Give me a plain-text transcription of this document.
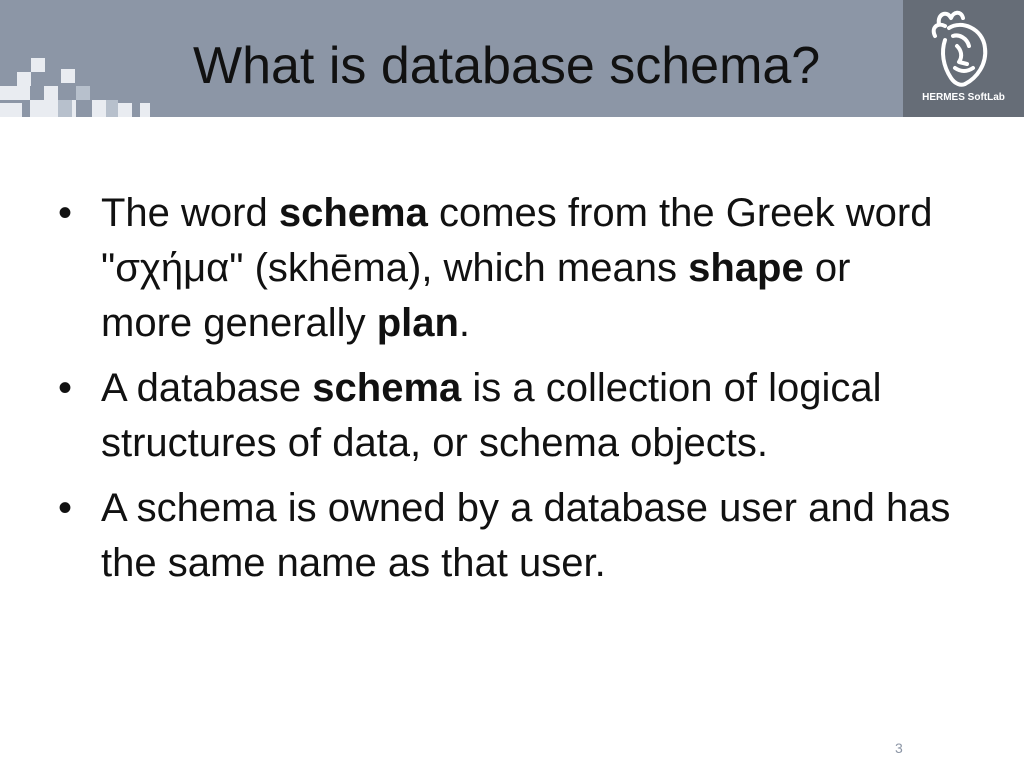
What is database schema?
HERMES SoftLab
• The word schema comes from the Greek word "σχήμα" (skhēma), which means shape or more generally plan.
• A database schema is a collection of logical structures of data, or schema objects.
• A schema is owned by a database user and has the same name as that user.
3
